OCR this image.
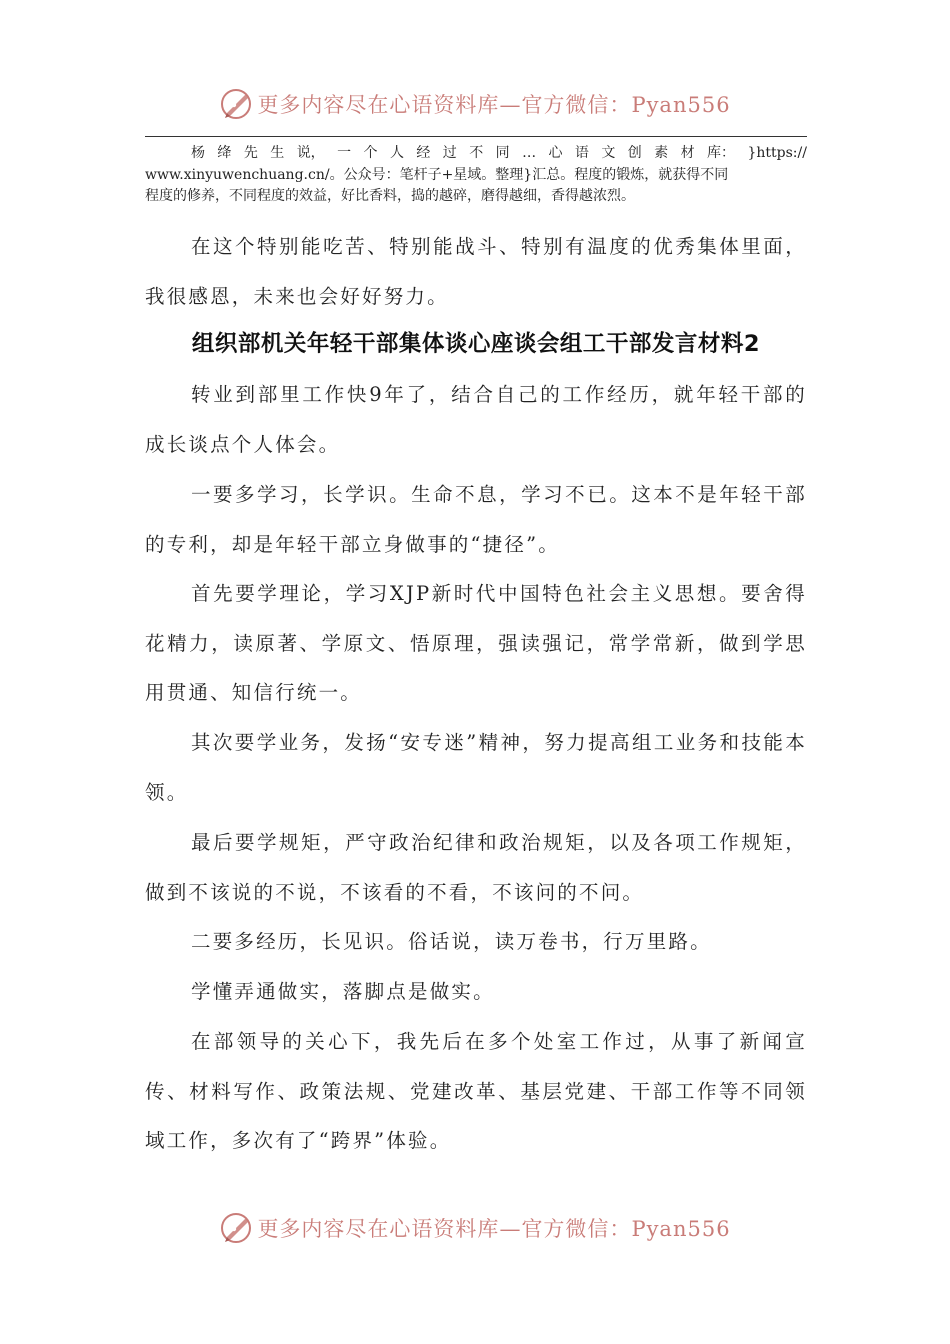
更多内容尽在心语资料库—官方微信：Pyan556
杨 绛 先 生 说， 一 个 人 经 过 不 同 … 心 语 文 创 素 材 库： }https://
www.xinyuwenchuang.cn/。公众号：笔杆子+星域。整理}汇总。程度的锻炼，就获得不同
程度的修养，不同程度的效益，好比香料，捣的越碎，磨得越细，香得越浓烈。
在这个特别能吃苦、特别能战斗、特别有温度的优秀集体里面，我很感恩，未来也会好好努力。
组织部机关年轻干部集体谈心座谈会组工干部发言材料2
转业到部里工作快9年了，结合自己的工作经历，就年轻干部的成长谈点个人体会。
一要多学习，长学识。生命不息，学习不已。这本不是年轻干部的专利，却是年轻干部立身做事的“捷径”。
首先要学理论，学习XJP新时代中国特色社会主义思想。要舍得花精力，读原著、学原文、悟原理，强读强记，常学常新，做到学思用贯通、知信行统一。
其次要学业务，发扬“安专迷”精神，努力提高组工业务和技能本领。
最后要学规矩，严守政治纪律和政治规矩，以及各项工作规矩，做到不该说的不说，不该看的不看，不该问的不问。
二要多经历，长见识。俗话说，读万卷书，行万里路。
学懂弄通做实，落脚点是做实。
在部领导的关心下，我先后在多个处室工作过，从事了新闻宣传、材料写作、政策法规、党建改革、基层党建、干部工作等不同领域工作，多次有了“跨界”体验。
更多内容尽在心语资料库—官方微信：Pyan556
